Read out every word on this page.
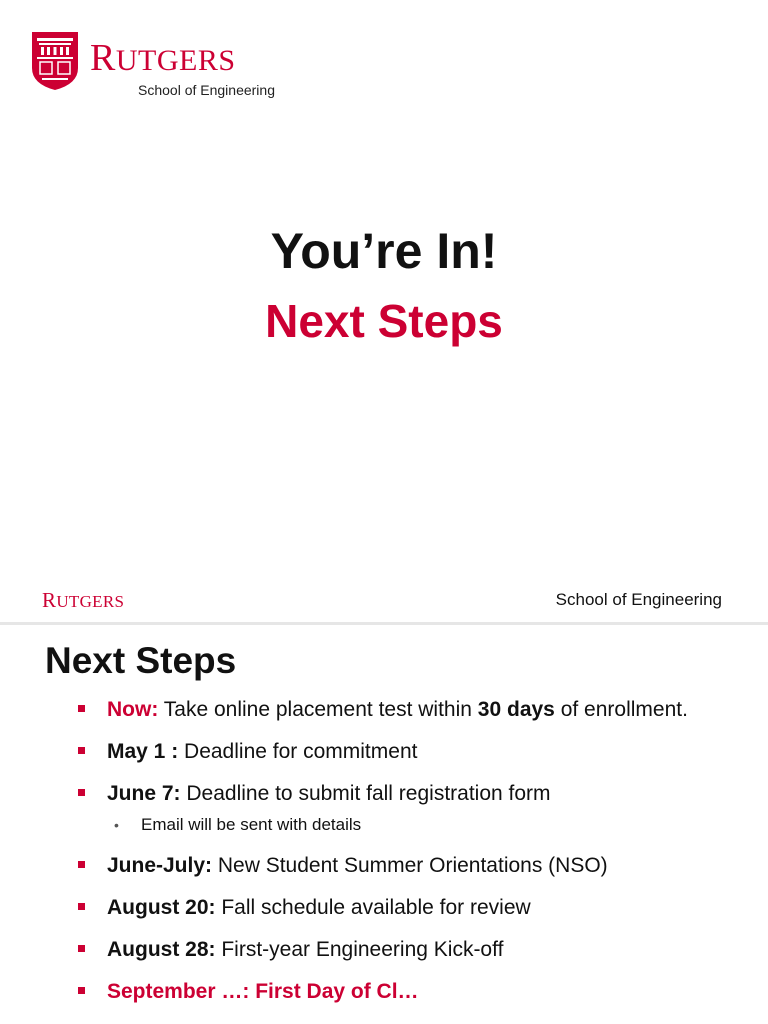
RUTGERS
School of Engineering
You’re In!
Next Steps
RUTGERS	School of Engineering
Next Steps
Now: Take online placement test within 30 days of enrollment.
May 1 : Deadline for commitment
June 7: Deadline to submit fall registration form
• Email will be sent with details
June-July: New Student Summer Orientations (NSO)
August 20: Fall schedule available for review
August 28: First-year Engineering Kick-off
September …: First Day of Cl…
